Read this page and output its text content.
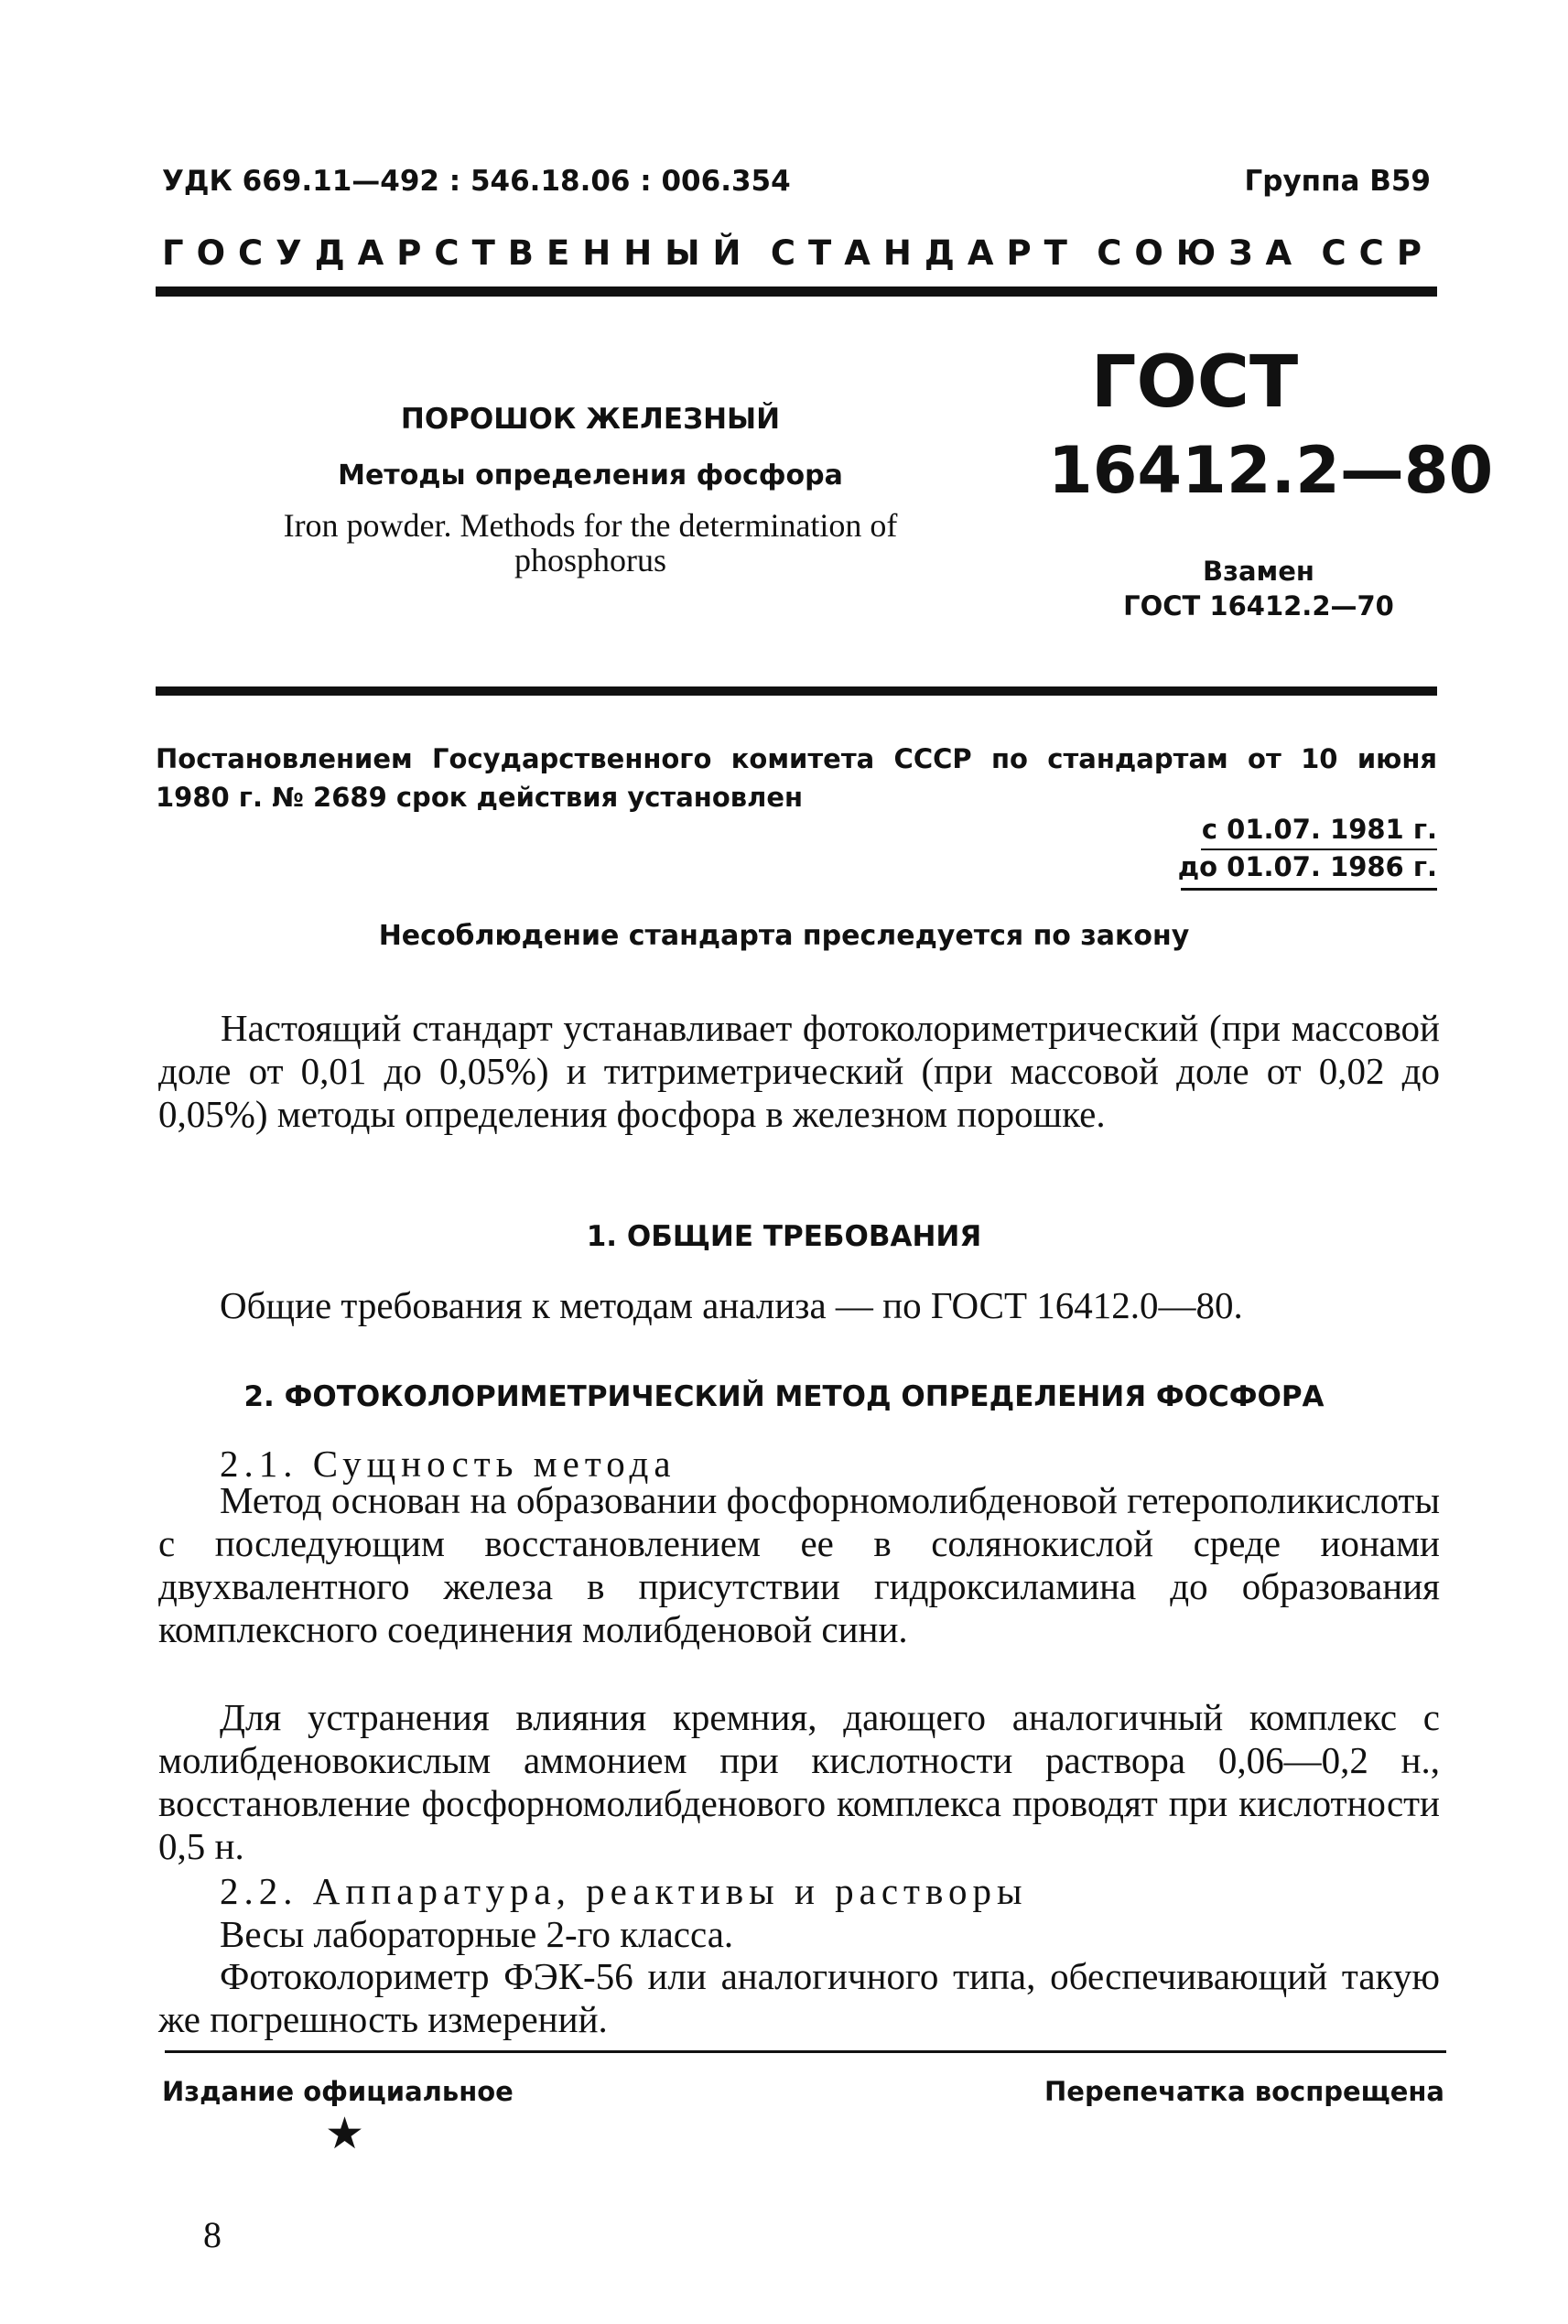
УДК 669.11—492 : 546.18.06 : 006.354	Группа В59
ГОСУДАРСТВЕННЫЙ СТАНДАРТ СОЮЗА ССР
ПОРОШОК ЖЕЛЕЗНЫЙ
Методы определения фосфора
Iron powder. Methods for the determination of phosphorus
ГОСТ
16412.2—80
Взамен
ГОСТ 16412.2—70
Постановлением Государственного комитета СССР по стандартам от 10 июня 1980 г. № 2689 срок действия установлен
с 01.07. 1981 г.
до 01.07. 1986 г.
Несоблюдение стандарта преследуется по закону
Настоящий стандарт устанавливает фотоколориметрический (при массовой доле от 0,01 до 0,05%) и титриметрический (при массовой доле от 0,02 до 0,05%) методы определения фосфора в железном порошке.
1. ОБЩИЕ ТРЕБОВАНИЯ
Общие требования к методам анализа — по ГОСТ 16412.0—80.
2. ФОТОКОЛОРИМЕТРИЧЕСКИЙ МЕТОД ОПРЕДЕЛЕНИЯ ФОСФОРА
2.1. Сущность метода
Метод основан на образовании фосфорномолибденовой гетерополикислоты с последующим восстановлением ее в солянокислой среде ионами двухвалентного железа в присутствии гидроксиламина до образования комплексного соединения молибденовой сини.
Для устранения влияния кремния, дающего аналогичный комплекс с молибденовокислым аммонием при кислотности раствора 0,06—0,2 н., восстановление фосфорномолибденового комплекса проводят при кислотности 0,5 н.
2.2. Аппаратура, реактивы и растворы
Весы лабораторные 2-го класса.
Фотоколориметр ФЭК-56 или аналогичного типа, обеспечивающий такую же погрешность измерений.
Издание официальное	Перепечатка воспрещена
★
8
